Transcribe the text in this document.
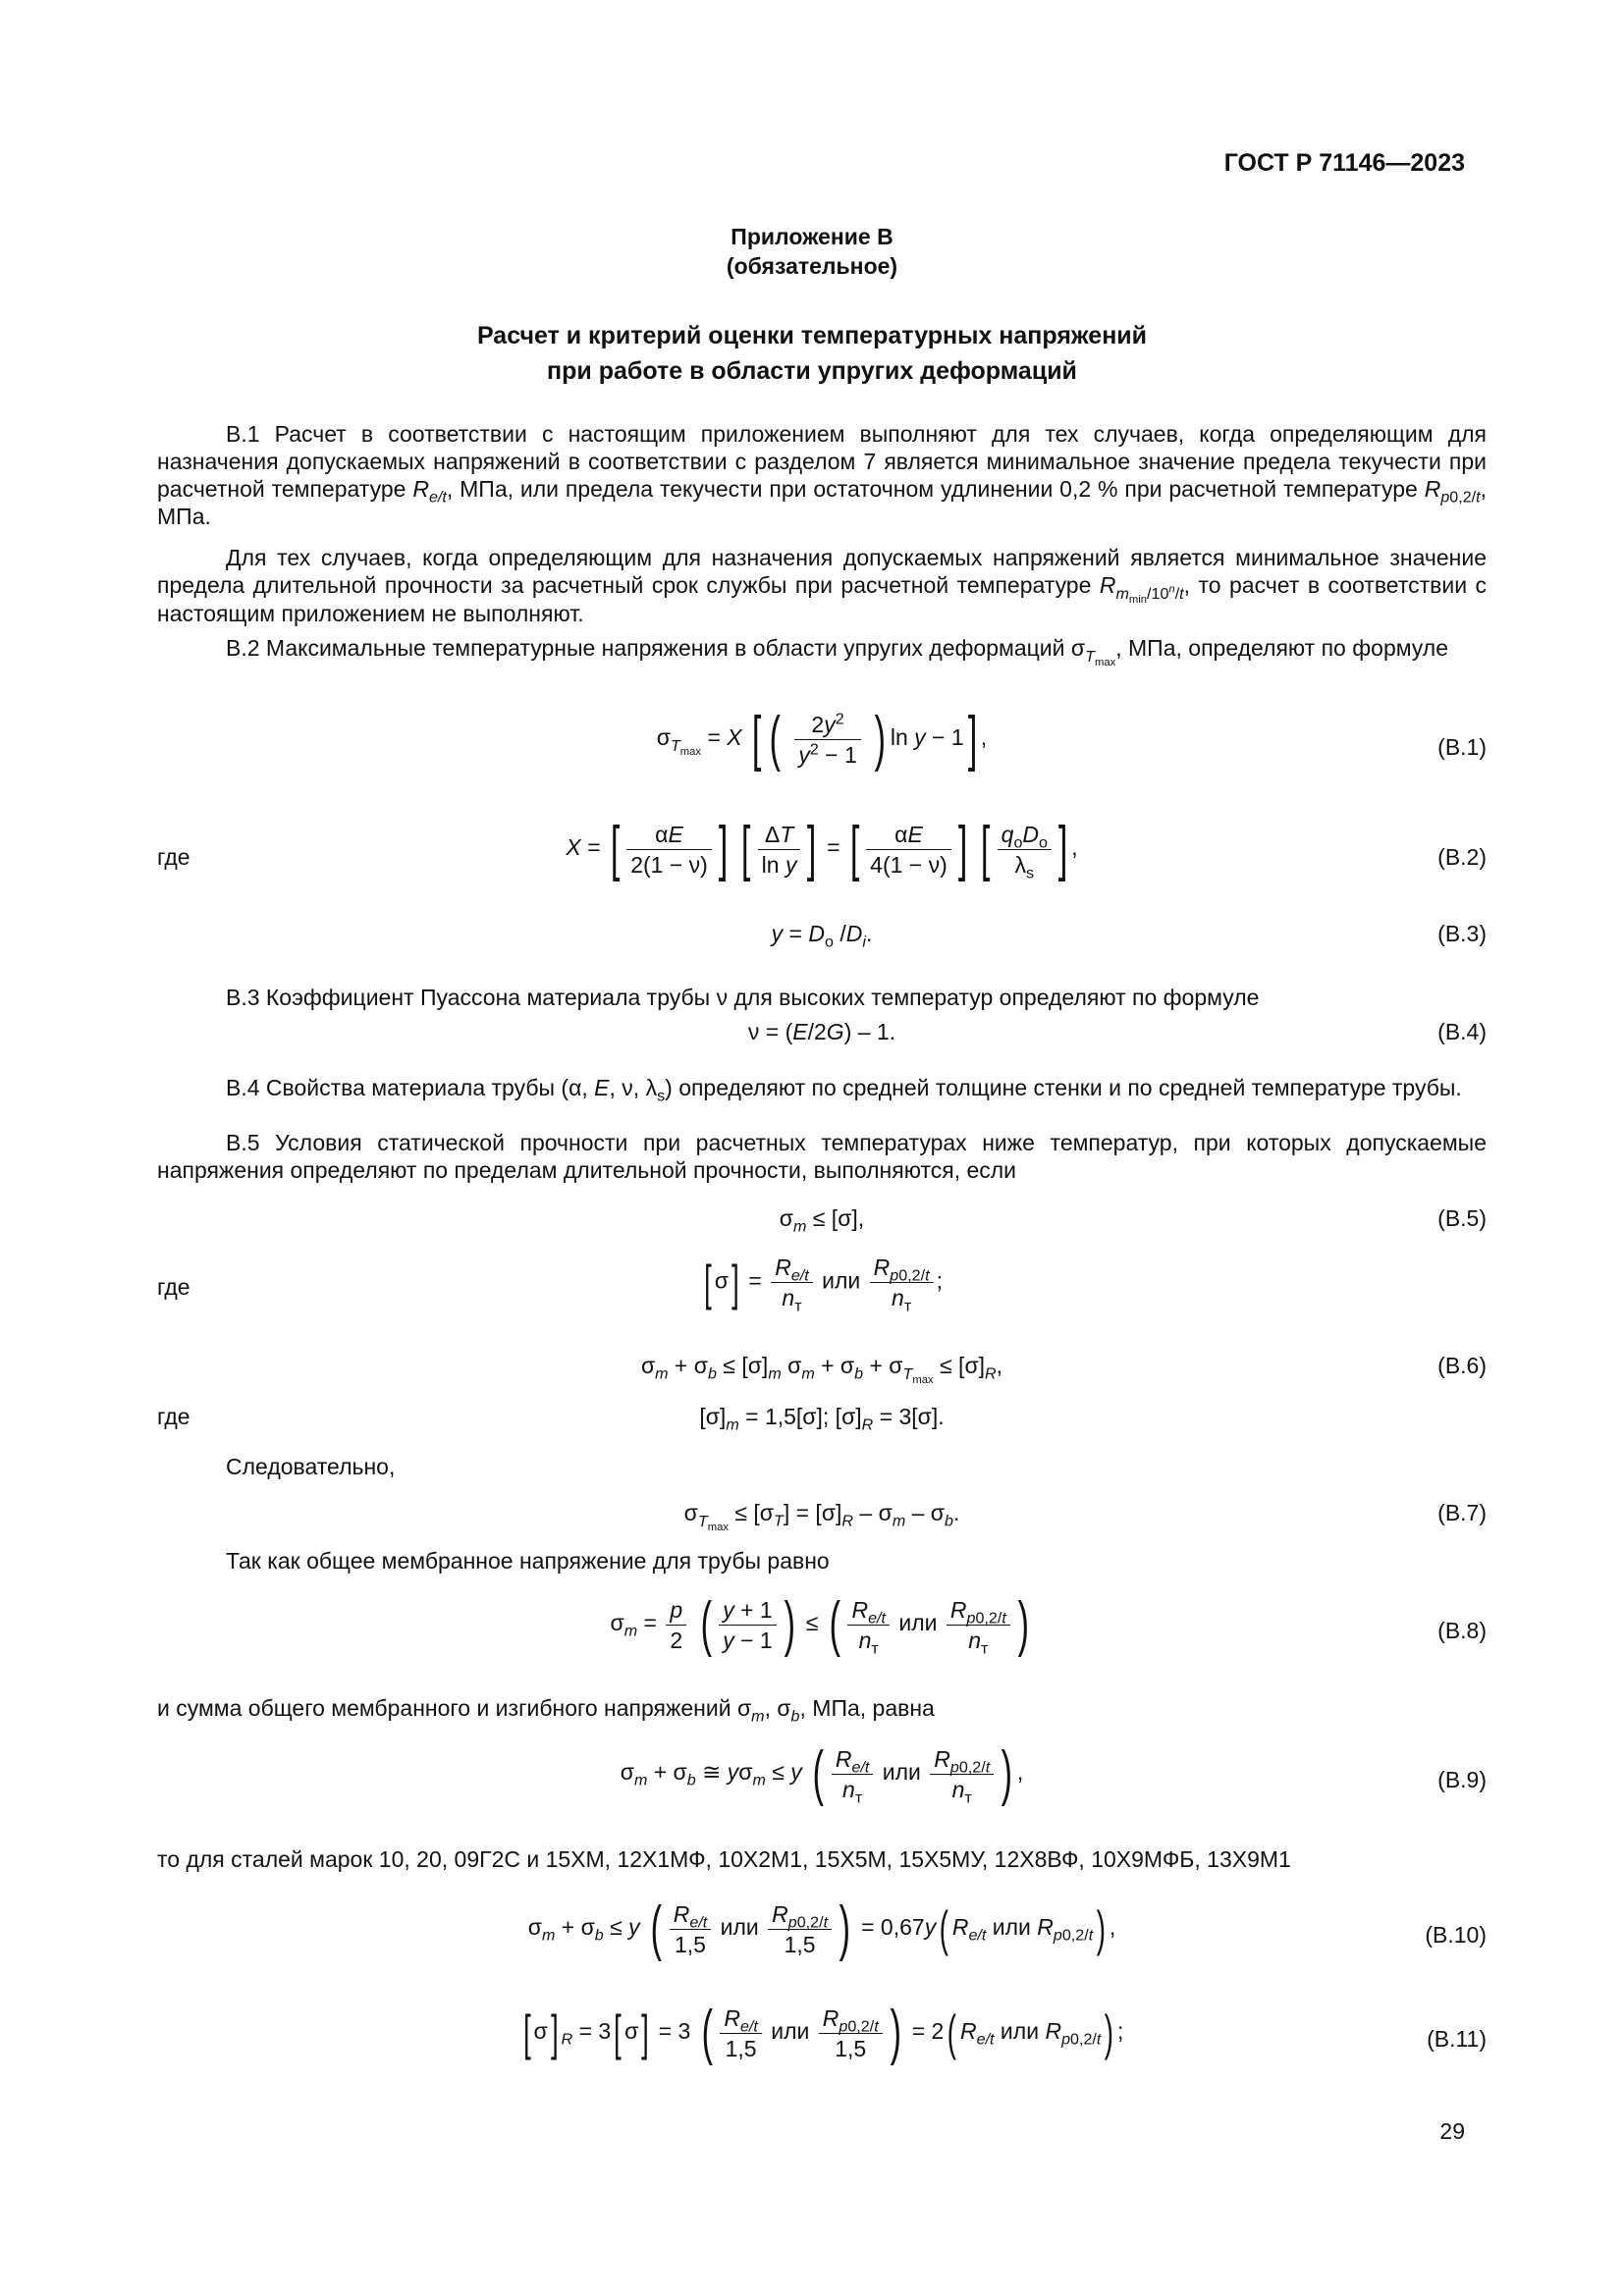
ГОСТ Р 71146—2023
Приложение В
(обязательное)
Расчет и критерий оценки температурных напряжений
при работе в области упругих деформаций
В.1 Расчет в соответствии с настоящим приложением выполняют для тех случаев, когда определяющим для назначения допускаемых напряжений в соответствии с разделом 7 является минимальное значение предела текучести при расчетной температуре $R_{e/t}$, МПа, или предела текучести при остаточном удлинении 0,2 % при расчетной температуре $R_{p0,2/t}$, МПа.
Для тех случаев, когда определяющим для назначения допускаемых напряжений является минимальное значение предела длительной прочности за расчетный срок службы при расчетной температуре $R_{m_{min}/10^n/t}$, то расчет в соответствии с настоящим приложением не выполняют.
В.2 Максимальные температурные напряжения в области упругих деформаций $\sigma_{T_{max}}$, МПа, определяют по формуле
$\sigma_{T_{max}} = X$ [ ( $\frac{2y^2}{y^2 - 1}$ ) ln y − 1] ,	(В.1)
где	X = [ $\frac{\alpha E}{2(1 - \nu)}$ ] [ $\frac{\Delta T}{\text{ln y}}$ ] = [ $\frac{\alpha E}{4(1 - \nu)}$ ] [ $\frac{q_oD_o}{\lambda_s}$ ] ,	(В.2)
$y = D_o$ $/D_i$.	(В.3)
В.3 Коэффициент Пуассона материала трубы ν для высоких температур определяют по формуле
ν = (E/2G) – 1.	(В.4)
В.4 Свойства материала трубы (α, E, ν, $\lambda_s$) определяют по средней толщине стенки и по средней температуре трубы.
В.5 Условия статической прочности при расчетных температурах ниже температур, при которых допускаемые напряжения определяют по пределам длительной прочности, выполняются, если
$\sigma_m \le [\sigma]$,	(В.5)
где	[ $\sigma] = \frac{R_{e/t}}{n_т}$ или $\frac{R_{p0,2/t}}{n_т}$ ;
$\sigma_m + \sigma_b \le [\sigma]_m$ $\sigma_m + \sigma_b + \sigma_{T_{max}} \le [\sigma]_R$,	(В.6)
где	$[\sigma]_m = 1,5[\sigma]$; $[\sigma]_R = 3[\sigma]$.
Следовательно,
$\sigma_{T_{max}} \le [\sigma_T] = [\sigma]_R - \sigma_m - \sigma_b$.	(В.7)
Так как общее мембранное напряжение для трубы равно
$\sigma_m = \frac{p}{2}$ ( $\frac{y + 1}{y - 1}$ ) ≤ ( $\frac{R_{e/t}}{n_т}$ или $\frac{R_{p0,2/t}}{n_т}$ )	(В.8)
и сумма общего мембранного и изгибного напряжений $\sigma_m$, $\sigma_b$, МПа, равна
$\sigma_m + \sigma_b$ ≅ $y\sigma_m \le y$ ( $\frac{R_{e/t}}{n_т}$ или $\frac{R_{p0,2/t}}{n_т}$ ) ,	(В.9)
то для сталей марок 10, 20, 09Г2С и 15ХМ, 12Х1МФ, 10Х2М1, 15Х5М, 15Х5МУ, 12Х8ВФ, 10Х9МФБ, 13Х9М1
$\sigma_m + \sigma_b \le y$ ( $\frac{R_{e/t}}{1,5}$ или $\frac{R_{p0,2/t}}{1,5}$ ) = 0,67y( $R_{e/t}$ или $R_{p0,2/t}$) ,	(В.10)
[ σ] $_R$ = 3[ σ] = 3 ( $\frac{R_{e/t}}{1,5}$ или $\frac{R_{p0,2/t}}{1,5}$ ) = 2( $R_{e/t}$ или $R_{p0,2/t}$) ;	(В.11)
29
